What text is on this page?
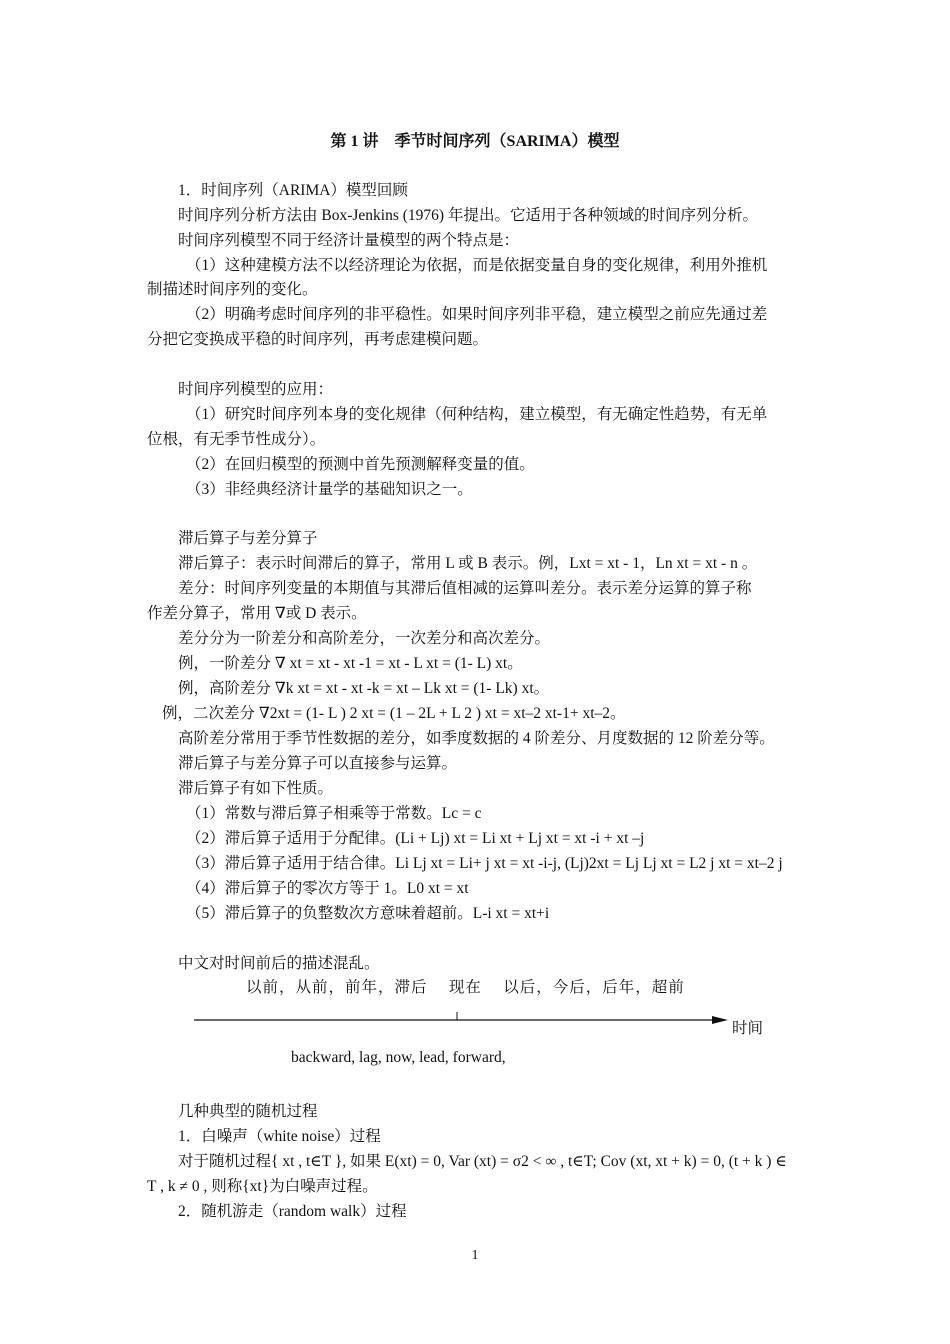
第 1 讲　季节时间序列（SARIMA）模型
1．时间序列（ARIMA）模型回顾
时间序列分析方法由 Box-Jenkins (1976) 年提出。它适用于各种领域的时间序列分析。
时间序列模型不同于经济计量模型的两个特点是：
（1）这种建模方法不以经济理论为依据，而是依据变量自身的变化规律，利用外推机
制描述时间序列的变化。
（2）明确考虑时间序列的非平稳性。如果时间序列非平稳，建立模型之前应先通过差
分把它变换成平稳的时间序列，再考虑建模问题。
时间序列模型的应用：
（1）研究时间序列本身的变化规律（何种结构，建立模型，有无确定性趋势，有无单
位根，有无季节性成分）。
（2）在回归模型的预测中首先预测解释变量的值。
（3）非经典经济计量学的基础知识之一。
滞后算子与差分算子
滞后算子：表示时间滞后的算子，常用 L 或 B 表示。例，Lxt = xt - 1，Ln xt = xt - n 。
差分：时间序列变量的本期值与其滞后值相减的运算叫差分。表示差分运算的算子称
作差分算子，常用 ∇或 D 表示。
差分分为一阶差分和高阶差分，一次差分和高次差分。
例，一阶差分 ∇ xt = xt - xt -1 = xt - L xt = (1- L) xt。
例，高阶差分 ∇k xt = xt - xt -k = xt – Lk xt = (1- Lk) xt。
例，二次差分 ∇2xt = (1- L ) 2 xt = (1 – 2L + L 2 ) xt = xt–2 xt-1+ xt–2。
高阶差分常用于季节性数据的差分，如季度数据的 4 阶差分、月度数据的 12 阶差分等。
滞后算子与差分算子可以直接参与运算。
滞后算子有如下性质。
（1）常数与滞后算子相乘等于常数。Lc = c
（2）滞后算子适用于分配律。(Li + Lj) xt = Li xt + Lj xt = xt -i + xt –j
（3）滞后算子适用于结合律。Li Lj xt = Li+ j xt = xt -i-j, (Lj)2xt = Lj Lj xt = L2 j xt = xt–2 j
（4）滞后算子的零次方等于 1。L0 xt = xt
（5）滞后算子的负整数次方意味着超前。L-i xt = xt+i
中文对时间前后的描述混乱。
以前，从前，前年，滞后　 现在 　以后，今后，后年，超前
时间
backward, lag, now, lead, forward,
几种典型的随机过程
1．白噪声（white noise）过程
对于随机过程{ xt , t∈T }, 如果 E(xt) = 0, Var (xt) = σ2 < ∞ , t∈T; Cov (xt, xt + k) = 0, (t + k ) ∈
T , k ≠ 0 , 则称{xt}为白噪声过程。
2．随机游走（random walk）过程
1
